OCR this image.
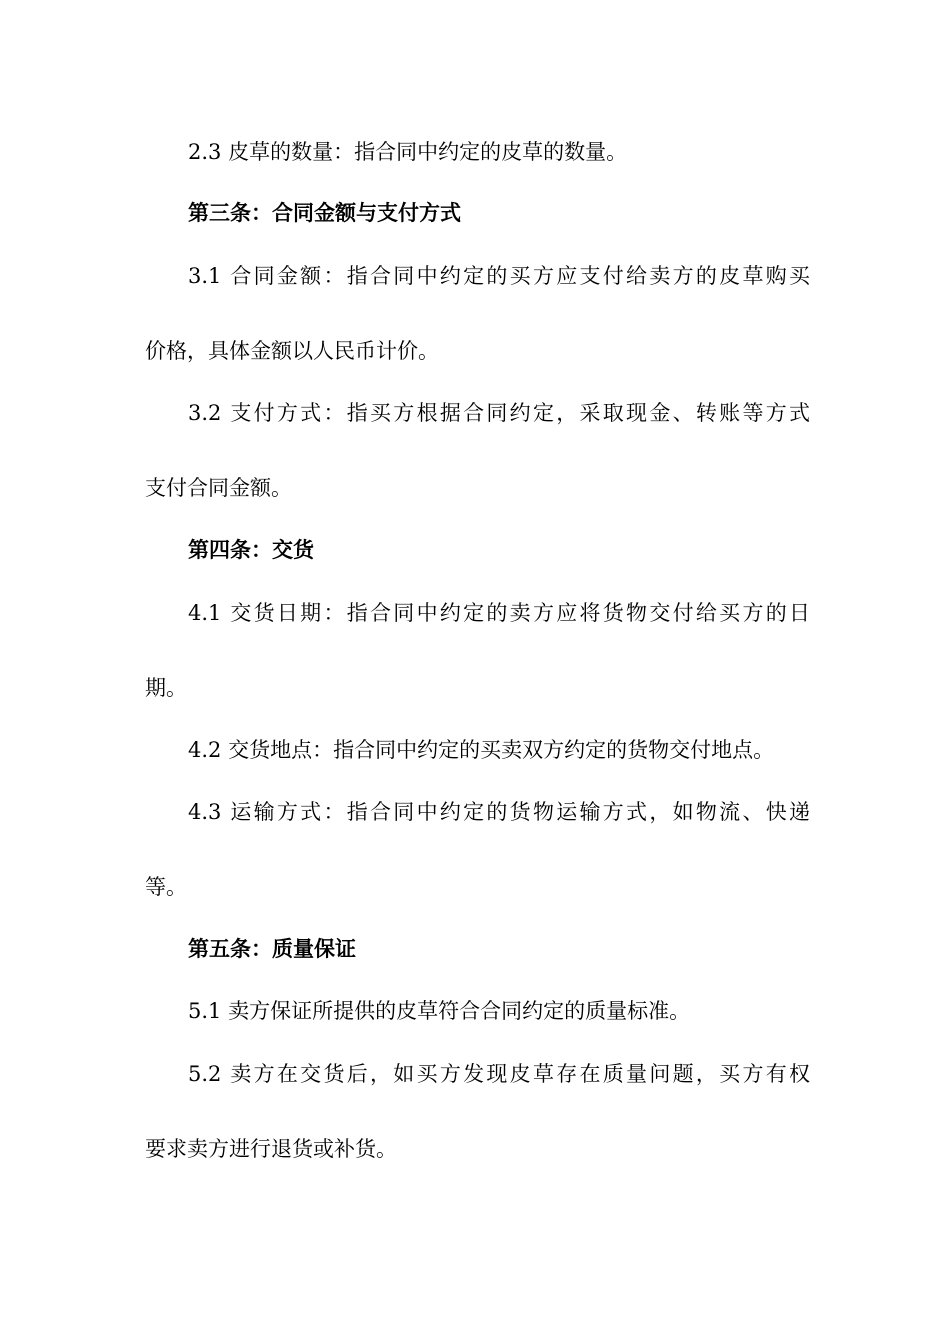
2.3 皮草的数量：指合同中约定的皮草的数量。
第三条：合同金额与支付方式
3.1 合同金额：指合同中约定的买方应支付给卖方的皮草购买
价格，具体金额以人民币计价。
3.2 支付方式：指买方根据合同约定，采取现金、转账等方式
支付合同金额。
第四条：交货
4.1 交货日期：指合同中约定的卖方应将货物交付给买方的日
期。
4.2 交货地点：指合同中约定的买卖双方约定的货物交付地点。
4.3 运输方式：指合同中约定的货物运输方式，如物流、快递
等。
第五条：质量保证
5.1 卖方保证所提供的皮草符合合同约定的质量标准。
5.2 卖方在交货后，如买方发现皮草存在质量问题，买方有权
要求卖方进行退货或补货。
